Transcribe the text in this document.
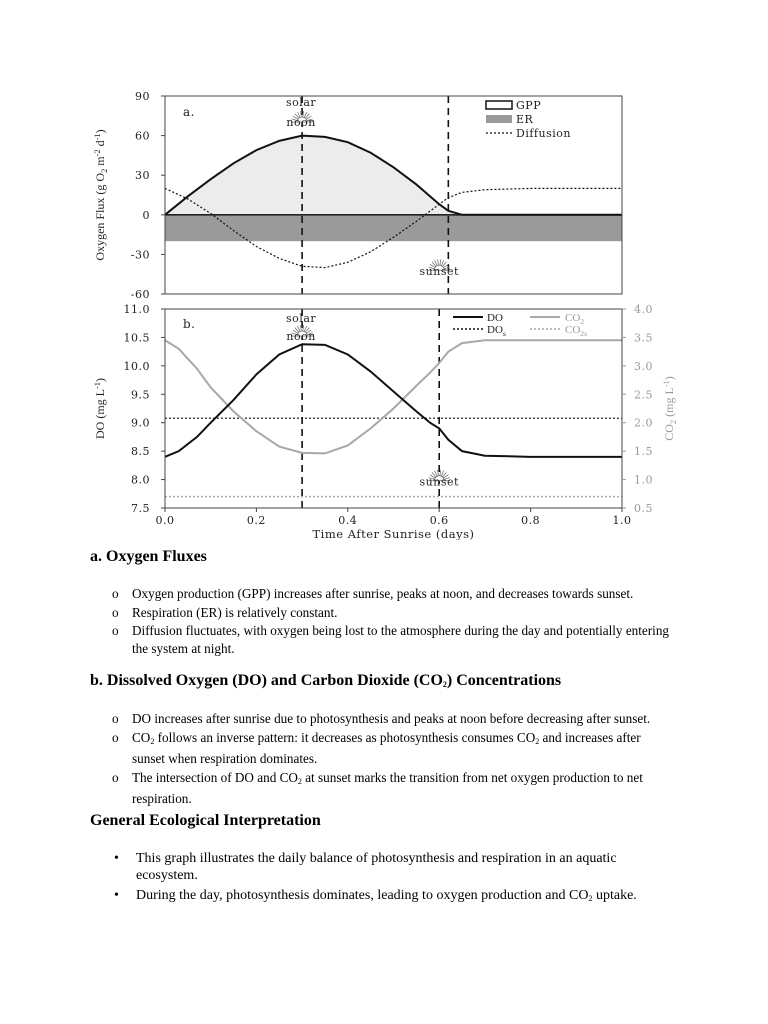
90
60
30
0
-30
-60
Oxygen Flux (g $O_2$ $m^{-2}$ $d^{-1}$)
a.
solar
noon
sunset
GPP
ER
Diffusion
11.0
10.5
10.0
9.5
9.0
8.5
8.0
7.5
4.0
3.5
3.0
2.5
2.0
1.5
1.0
0.5
0.0	0.2	0.4	0.6	0.8	1.0
Time After Sunrise (days)
DO (mg $L^{-1}$)
$CO_2$ (mg $L^{-1}$)
b.	solar
noon
sunset
DO	$CO_2$
$DO_s$	$CO_{2s}$
a. Oxygen Fluxes
o Oxygen production (GPP) increases after sunrise, peaks at noon, and decreases towards sunset.
o Respiration (ER) is relatively constant.
o Diffusion fluctuates, with oxygen being lost to the atmosphere during the day and potentially entering the system at night.
b. Dissolved Oxygen (DO) and Carbon Dioxide $(CO_2)$ Concentrations
o DO increases after sunrise due to photosynthesis and peaks at noon before decreasing after sunset.
o $CO_2$ follows an inverse pattern: it decreases as photosynthesis consumes $CO_2$ and increases after sunset when respiration dominates.
o The intersection of DO and $CO_2$ at sunset marks the transition from net oxygen production to net respiration.
General Ecological Interpretation
• This graph illustrates the daily balance of photosynthesis and respiration in an aquatic ecosystem.
• During the day, photosynthesis dominates, leading to oxygen production and $CO_2$ uptake.
